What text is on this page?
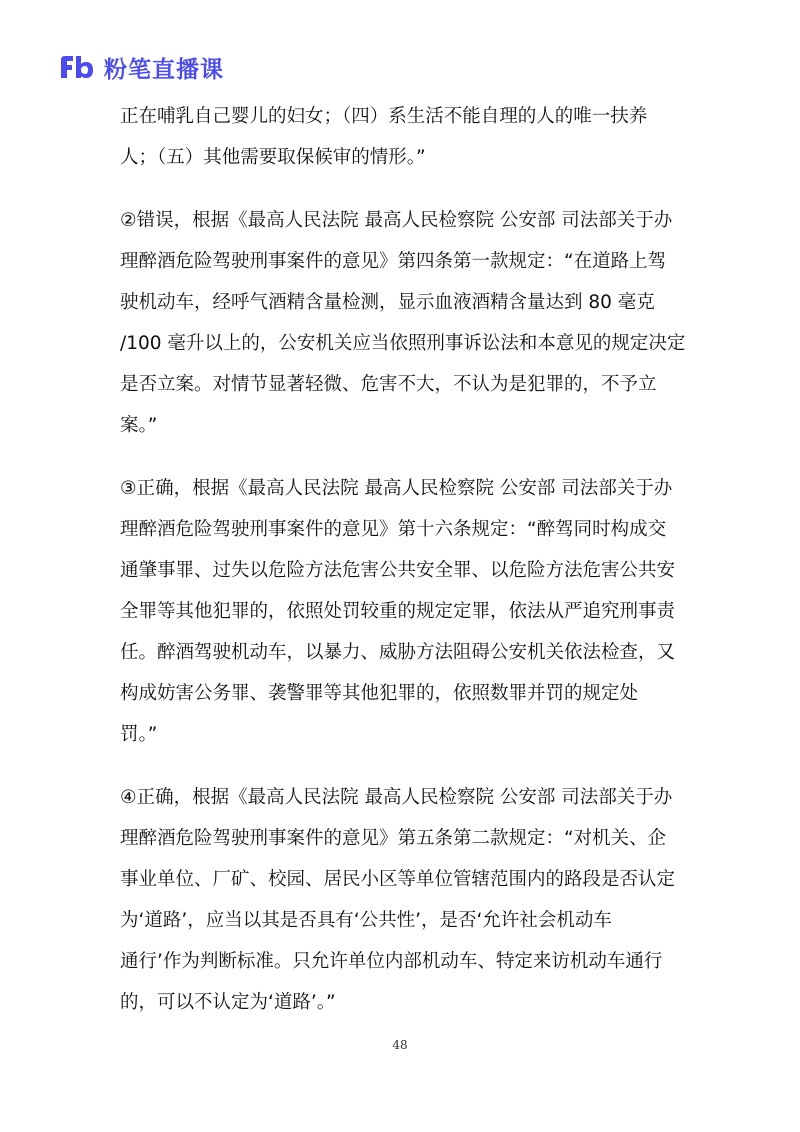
粉笔直播课

正在哺乳自己婴儿的妇女；（四）系生活不能自理的人的唯一扶养
人；（五）其他需要取保候审的情形。”

②错误，根据《最高人民法院 最高人民检察院 公安部 司法部关于办
理醉酒危险驾驶刑事案件的意见》第四条第一款规定：“在道路上驾
驶机动车，经呼气酒精含量检测，显示血液酒精含量达到 80 毫克
/100 毫升以上的，公安机关应当依照刑事诉讼法和本意见的规定决定
是否立案。对情节显著轻微、危害不大，不认为是犯罪的，不予立
案。”

③正确，根据《最高人民法院 最高人民检察院 公安部 司法部关于办
理醉酒危险驾驶刑事案件的意见》第十六条规定：“醉驾同时构成交
通肇事罪、过失以危险方法危害公共安全罪、以危险方法危害公共安
全罪等其他犯罪的，依照处罚较重的规定定罪，依法从严追究刑事责
任。醉酒驾驶机动车，以暴力、威胁方法阻碍公安机关依法检查，又
构成妨害公务罪、袭警罪等其他犯罪的，依照数罪并罚的规定处
罚。”

④正确，根据《最高人民法院 最高人民检察院 公安部 司法部关于办
理醉酒危险驾驶刑事案件的意见》第五条第二款规定：“对机关、企
事业单位、厂矿、校园、居民小区等单位管辖范围内的路段是否认定
为‘道路’，应当以其是否具有‘公共性’，是否‘允许社会机动车
通行’作为判断标准。只允许单位内部机动车、特定来访机动车通行
的，可以不认定为‘道路’。”

48
